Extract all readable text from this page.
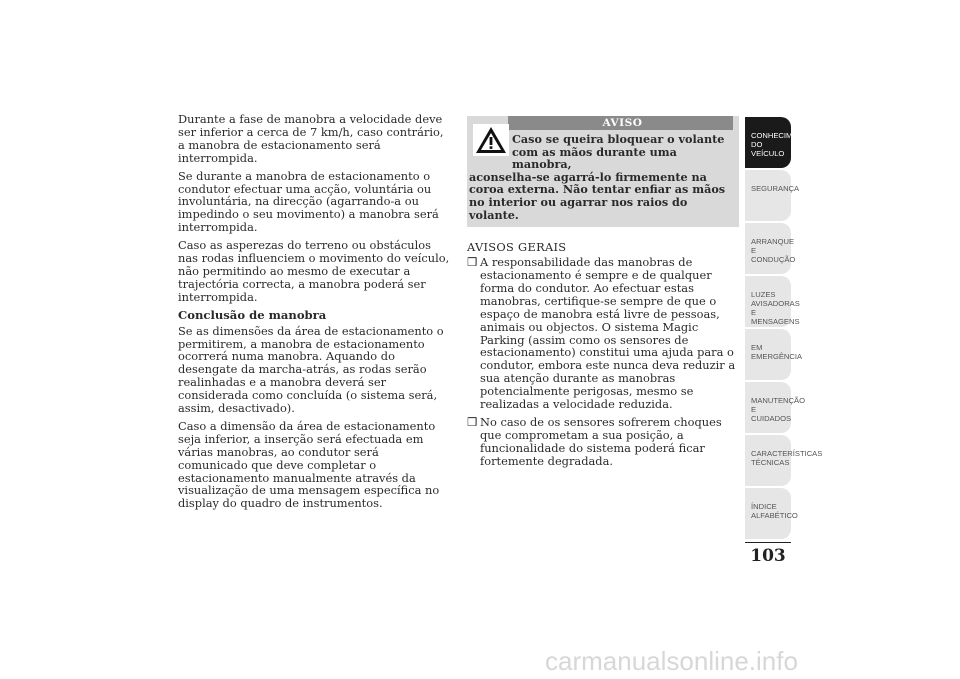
Durante a fase de manobra a velocidade deve ser inferior a cerca de 7 km/h, caso contrário, a manobra de estacionamento será interrompida.

Se durante a manobra de estacionamento o condutor efectuar uma acção, voluntária ou involuntária, na direcção (agarrando-a ou impedindo o seu movimento) a manobra será interrompida.

Caso as asperezas do terreno ou obstáculos nas rodas influenciem o movimento do veículo, não permitindo ao mesmo de executar a trajectória correcta, a manobra poderá ser interrompida.

Conclusão de manobra

Se as dimensões da área de estacionamento o permitirem, a manobra de estacionamento ocorrerá numa manobra. Aquando do desengate da marcha-atrás, as rodas serão realinhadas e a manobra deverá ser considerada como concluída (o sistema será, assim, desactivado).

Caso a dimensão da área de estacionamento seja inferior, a inserção será efectuada em várias manobras, ao condutor será comunicado que deve completar o estacionamento manualmente através da visualização de uma mensagem específica no display do quadro de instrumentos.

AVISO
Caso se queira bloquear o volante com as mãos durante uma manobra,
aconselha-se agarrá-lo firmemente na coroa externa. Não tentar enfiar as mãos no interior ou agarrar nos raios do volante.
AVISOS GERAIS

❒ A responsabilidade das manobras de estacionamento é sempre e de qualquer forma do condutor. Ao efectuar estas manobras, certifique-se sempre de que o espaço de manobra está livre de pessoas, animais ou objectos. O sistema Magic Parking (assim como os sensores de estacionamento) constitui uma ajuda para o condutor, embora este nunca deva reduzir a sua atenção durante as manobras potencialmente perigosas, mesmo se realizadas a velocidade reduzida.

❒ No caso de os sensores sofrerem choques que comprometam a sua posição, a funcionalidade do sistema poderá ficar fortemente degradada.

CONHECIMENTO
DO VEÍCULO
SEGURANÇA
ARRANQUE E
CONDUÇÃO
LUZES
AVISADORAS E
MENSAGENS
EM EMERGÊNCIA
MANUTENÇÃO E
CUIDADOS
CARACTERÍSTICAS
TÉCNICAS
ÍNDICE
ALFABÉTICO
103
carmanualsonline.info
